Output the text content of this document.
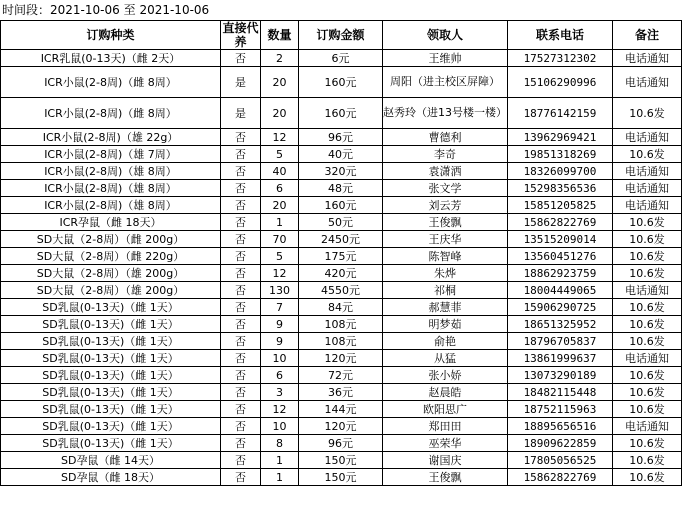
时间段：2021-10-06 至 2021-10-06
订购种类	直接代养	数量	订购金额	领取人	联系电话	备注
ICR乳鼠(0-13天)（雌 2天）	否	2	6元	王维帅	17527312302	电话通知
ICR小鼠(2-8周)（雌 8周）	是	20	160元	周阳（进主校区屏障）	15106290996	电话通知
ICR小鼠(2-8周)（雌 8周）	是	20	160元	赵秀玲（进13号楼一楼）	18776142159	10.6发
ICR小鼠(2-8周)（雄 22g）	否	12	96元	曹德利	13962969421	电话通知
ICR小鼠(2-8周)（雄 7周）	否	5	40元	李奇	19851318269	10.6发
ICR小鼠(2-8周)（雄 8周）	否	40	320元	袁潇洒	18326099700	电话通知
ICR小鼠(2-8周)（雄 8周）	否	6	48元	张文学	15298356536	电话通知
ICR小鼠(2-8周)（雄 8周）	否	20	160元	刘云芳	15851205825	电话通知
ICR孕鼠（雌 18天）	否	1	50元	王俊飘	15862822769	10.6发
SD大鼠（2-8周）（雌 200g）	否	70	2450元	王庆华	13515209014	10.6发
SD大鼠（2-8周）（雌 220g）	否	5	175元	陈智峰	13560451276	10.6发
SD大鼠（2-8周）（雄 200g）	否	12	420元	朱烨	18862923759	10.6发
SD大鼠（2-8周）（雄 200g）	否	130	4550元	祁桐	18004449065	电话通知
SD乳鼠(0-13天)（雌 1天）	否	7	84元	郝慧菲	15906290725	10.6发
SD乳鼠(0-13天)（雌 1天）	否	9	108元	明梦茹	18651325952	10.6发
SD乳鼠(0-13天)（雌 1天）	否	9	108元	俞艳	18796705837	10.6发
SD乳鼠(0-13天)（雌 1天）	否	10	120元	从猛	13861999637	电话通知
SD乳鼠(0-13天)（雌 1天）	否	6	72元	张小娇	13073290189	10.6发
SD乳鼠(0-13天)（雌 1天）	否	3	36元	赵晨皓	18482115448	10.6发
SD乳鼠(0-13天)（雌 1天）	否	12	144元	欧阳思广	18752115963	10.6发
SD乳鼠(0-13天)（雌 1天）	否	10	120元	郑田田	18895656516	电话通知
SD乳鼠(0-13天)（雌 1天）	否	8	96元	巫荣华	18909622859	10.6发
SD孕鼠（雌 14天）	否	1	150元	谢国庆	17805056525	10.6发
SD孕鼠（雌 18天）	否	1	150元	王俊飘	15862822769	10.6发
